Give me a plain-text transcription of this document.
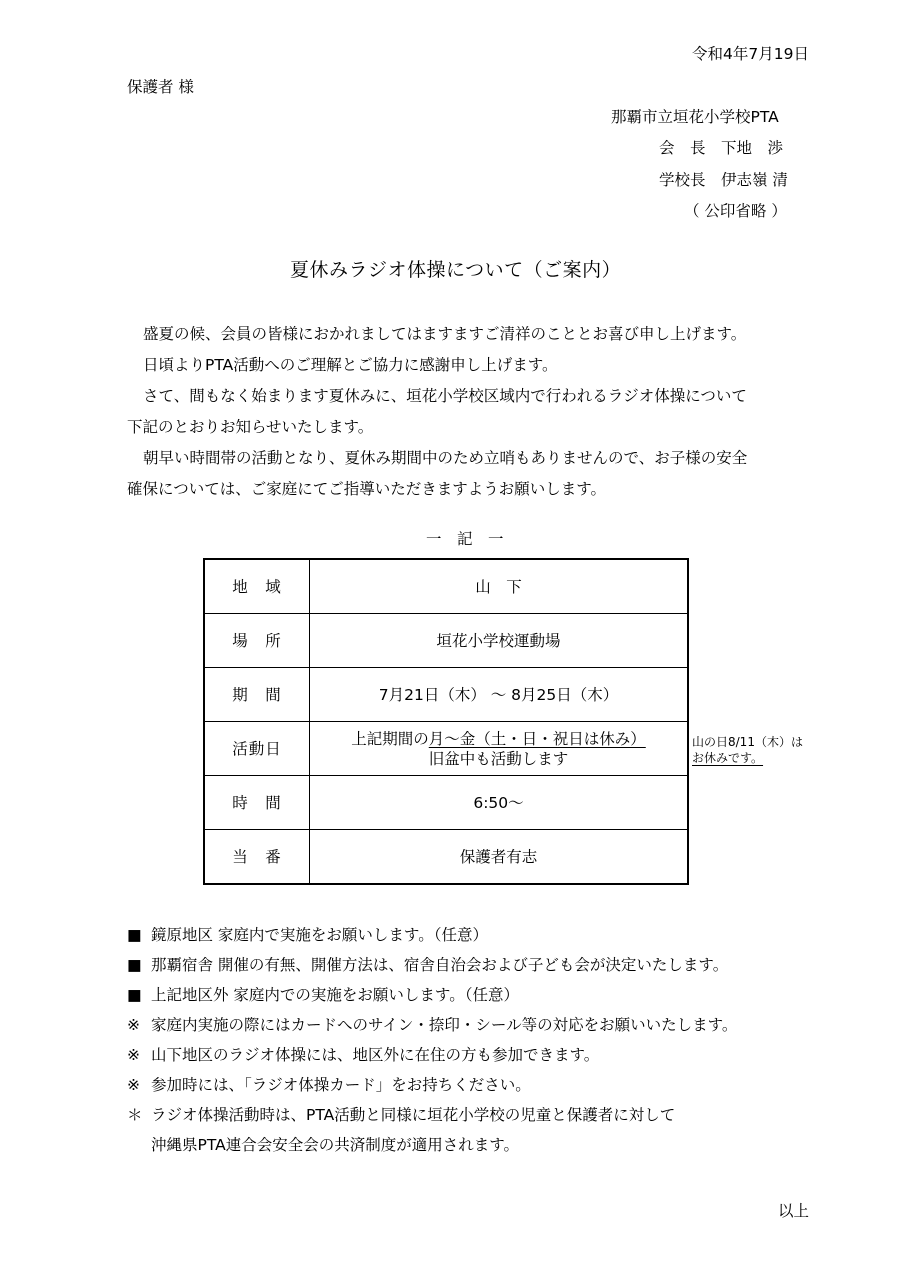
令和4年7月19日
保護者 様
那覇市立垣花小学校PTA
会　長　下地　渉
学校長　伊志嶺 清
（ 公印省略 ）
夏休みラジオ体操について（ご案内）

盛夏の候、会員の皆様におかれましてはますますご清祥のこととお喜び申し上げます。

日頃よりPTA活動へのご理解とご協力に感謝申し上げます。

さて、間もなく始まります夏休みに、垣花小学校区域内で行われるラジオ体操について

下記のとおりお知らせいたします。

朝早い時間帯の活動となり、夏休み期間中のため立哨もありませんので、お子様の安全

確保については、ご家庭にてご指導いただきますようお願いします。

一　記　一
地　域	山　下
場　所	垣花小学校運動場
期　間	7月21日（木） ～ 8月25日（木）
活動日	上記期間の月～金（土・日・祝日は休み）
旧盆中も活動します

時　間	6:50～
当　番	保護者有志
山の日8/11（木）は
お休みです。
■ 鏡原地区 家庭内で実施をお願いします。（任意）
■ 那覇宿舎 開催の有無、開催方法は、宿舎自治会および子ども会が決定いたします。
■ 上記地区外 家庭内での実施をお願いします。（任意）
※ 家庭内実施の際にはカードへのサイン・捺印・シール等の対応をお願いいたします。
※ 山下地区のラジオ体操には、地区外に在住の方も参加できます。
※ 参加時には、「ラジオ体操カード」をお持ちください。
＊ ラジオ体操活動時は、PTA活動と同様に垣花小学校の児童と保護者に対して
沖縄県PTA連合会安全会の共済制度が適用されます。
以上
